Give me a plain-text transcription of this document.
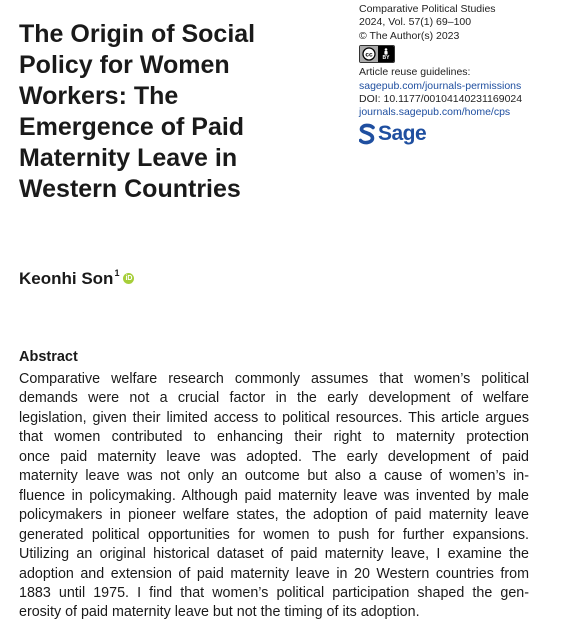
The Origin of Social
Policy for Women
Workers: The
Emergence of Paid
Maternity Leave in
Western Countries
Comparative Political Studies
2024, Vol. 57(1) 69–100
© The Author(s) 2023
cc BY
Article reuse guidelines:
sagepub.com/journals-permissions
DOI: 10.1177/00104140231169024
journals.sagepub.com/home/cps
Sage
Keonhi Son$^1$
iD
Abstract
Comparative welfare research commonly assumes that women’s political
demands were not a crucial factor in the early development of welfare
legislation, given their limited access to political resources. This article argues
that women contributed to enhancing their right to maternity protection
once paid maternity leave was adopted. The early development of paid
maternity leave was not only an outcome but also a cause of women’s in-
fluence in policymaking. Although paid maternity leave was invented by male
policymakers in pioneer welfare states, the adoption of paid maternity leave
generated political opportunities for women to push for further expansions.
Utilizing an original historical dataset of paid maternity leave, I examine the
adoption and extension of paid maternity leave in 20 Western countries from
1883 until 1975. I find that women’s political participation shaped the gen-
erosity of paid maternity leave but not the timing of its adoption.
